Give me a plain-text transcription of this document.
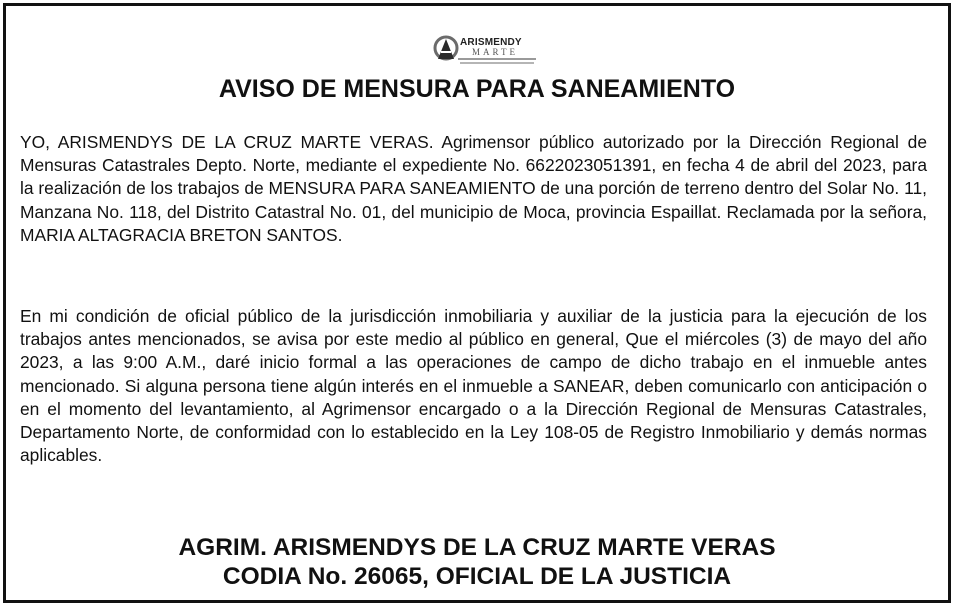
ARISMENDY
MARTE
AVISO DE MENSURA PARA SANEAMIENTO

YO, ARISMENDYS DE LA CRUZ MARTE VERAS. Agrimensor público autorizado por la Dirección Regional de Mensuras Catastrales Depto. Norte, mediante el expediente No. 6622023051391, en fecha 4 de abril del 2023, para la realización de los trabajos de MENSURA PARA SANEAMIENTO de una porción de terreno dentro del Solar No. 11, Manzana No. 118, del Distrito Catastral No. 01, del municipio de Moca, provincia Espaillat. Reclamada por la señora, MARIA ALTAGRACIA BRETON SANTOS.

En mi condición de oficial público de la jurisdicción inmobiliaria y auxiliar de la justicia para la ejecución de los trabajos antes mencionados, se avisa por este medio al público en general, Que el miércoles (3) de mayo del año 2023, a las 9:00 A.M., daré inicio formal a las operaciones de campo de dicho trabajo en el inmueble antes mencionado. Si alguna persona tiene algún interés en el inmueble a SANEAR, deben comunicarlo con anticipación o en el momento del levantamiento, al Agrimensor encargado o a la Dirección Regional de Mensuras Catastrales, Departamento Norte, de conformidad con lo establecido en la Ley 108-05 de Registro Inmobiliario y demás normas aplicables.

AGRIM. ARISMENDYS DE LA CRUZ MARTE VERAS
CODIA No. 26065, OFICIAL DE LA JUSTICIA
